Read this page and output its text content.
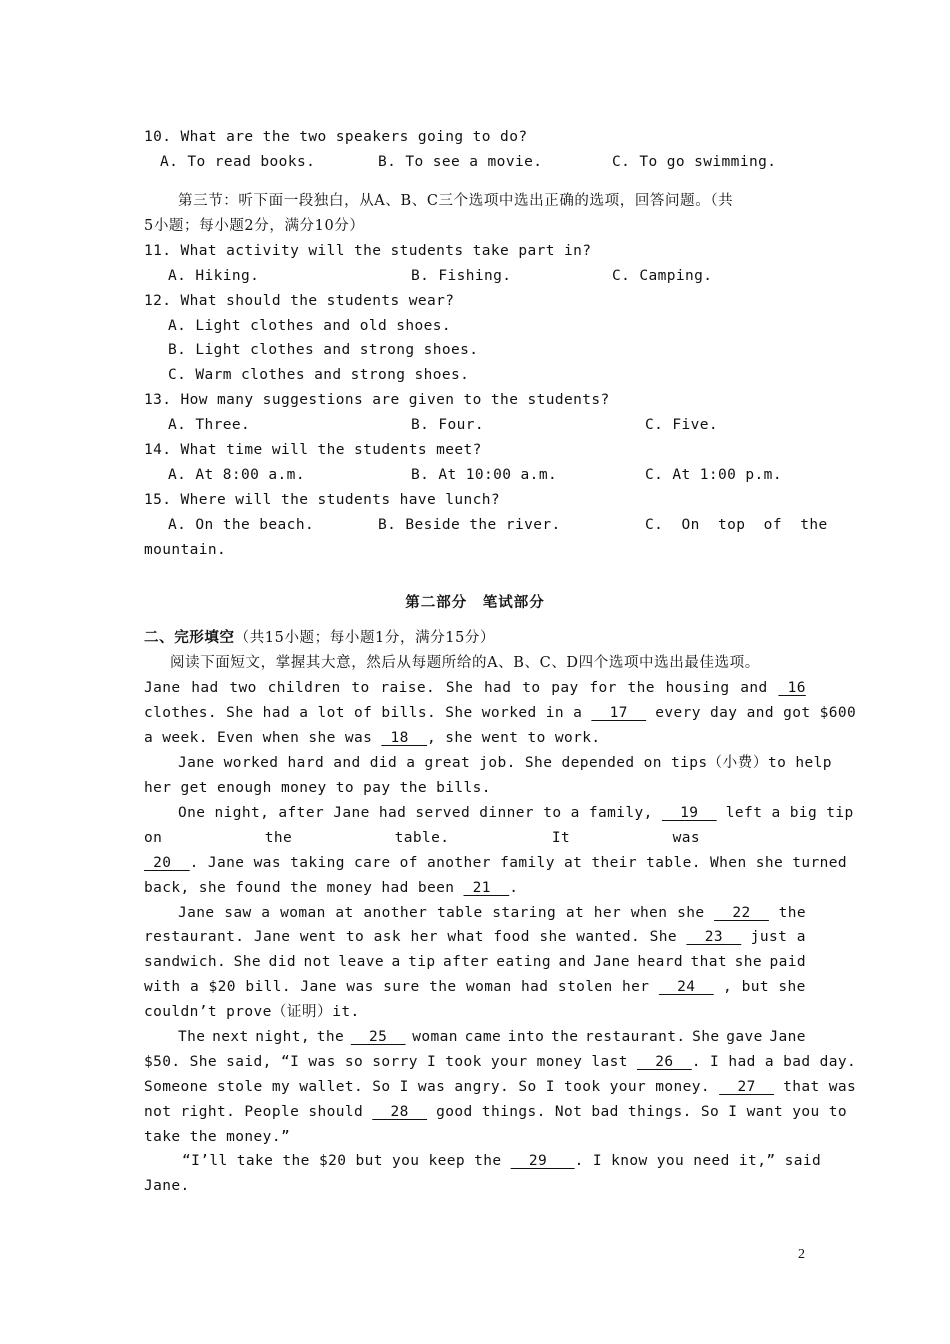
10. What are the two speakers going to do?

A. To read books.

	B. To see a movie.

	C. To go swimming.

第三节：听下面一段独白，从A、B、C三个选项中选出正确的选项，回答问题。（共
5小题；每小题2分，满分10分）
11. What activity will the students take part in?

A. Hiking.

	B. Fishing.

	C. Camping.

12. What should the students wear?
A. Light clothes and old shoes.
B. Light clothes and strong shoes.
C. Warm clothes and strong shoes.
13. How many suggestions are given to the students?

A. Three.

	B. Four.

	C. Five.

14. What time will the students meet?

A. At 8:00 a.m.

	B. At 10:00 a.m.

	C. At 1:00 p.m.

15. Where will the students have lunch?

A. On the beach.

	B. Beside the river.

	C.  On  top  of  the

mountain.
第二部分　笔试部分
二、完形填空（共15小题；每小题1分，满分15分）
阅读下面短文，掌握其大意，然后从每题所给的A、B、C、D四个选项中选出最佳选项。
Jane had two children to raise. She had to pay for the housing and 16
clothes. She had a lot of bills. She worked in a   17   every day and got $600
a week. Even when she was  18  , she went to work.
Jane worked hard and did a great job. She depended on tips（小费）to help
her get enough money to pay the bills.
One night, after Jane had served dinner to a family,   19   left a big tip
on	the	table.	It	was
20  . Jane was taking care of another family at their table. When she turned
back, she found the money had been  21  .
Jane saw a woman at another table staring at her when she 22 the
restaurant. Jane went to ask her what food she wanted. She 23 just a
sandwich. She did not leave a tip after eating and Jane heard that she paid
with a $20 bill. Jane was sure the woman had stolen her 24 , but she
couldn’t prove（证明）it.
The next night, the 25 woman came into the restaurant. She gave Jane
$50. She said, “I was so sorry I took your money last   26  . I had a bad day.
Someone stole my wallet. So I was angry. So I took your money.   27   that was
not right. People should   28   good things. Not bad things. So I want you to
take the money.”
“I’ll take the $20 but you keep the   29   . I know you need it,” said
Jane.
2
